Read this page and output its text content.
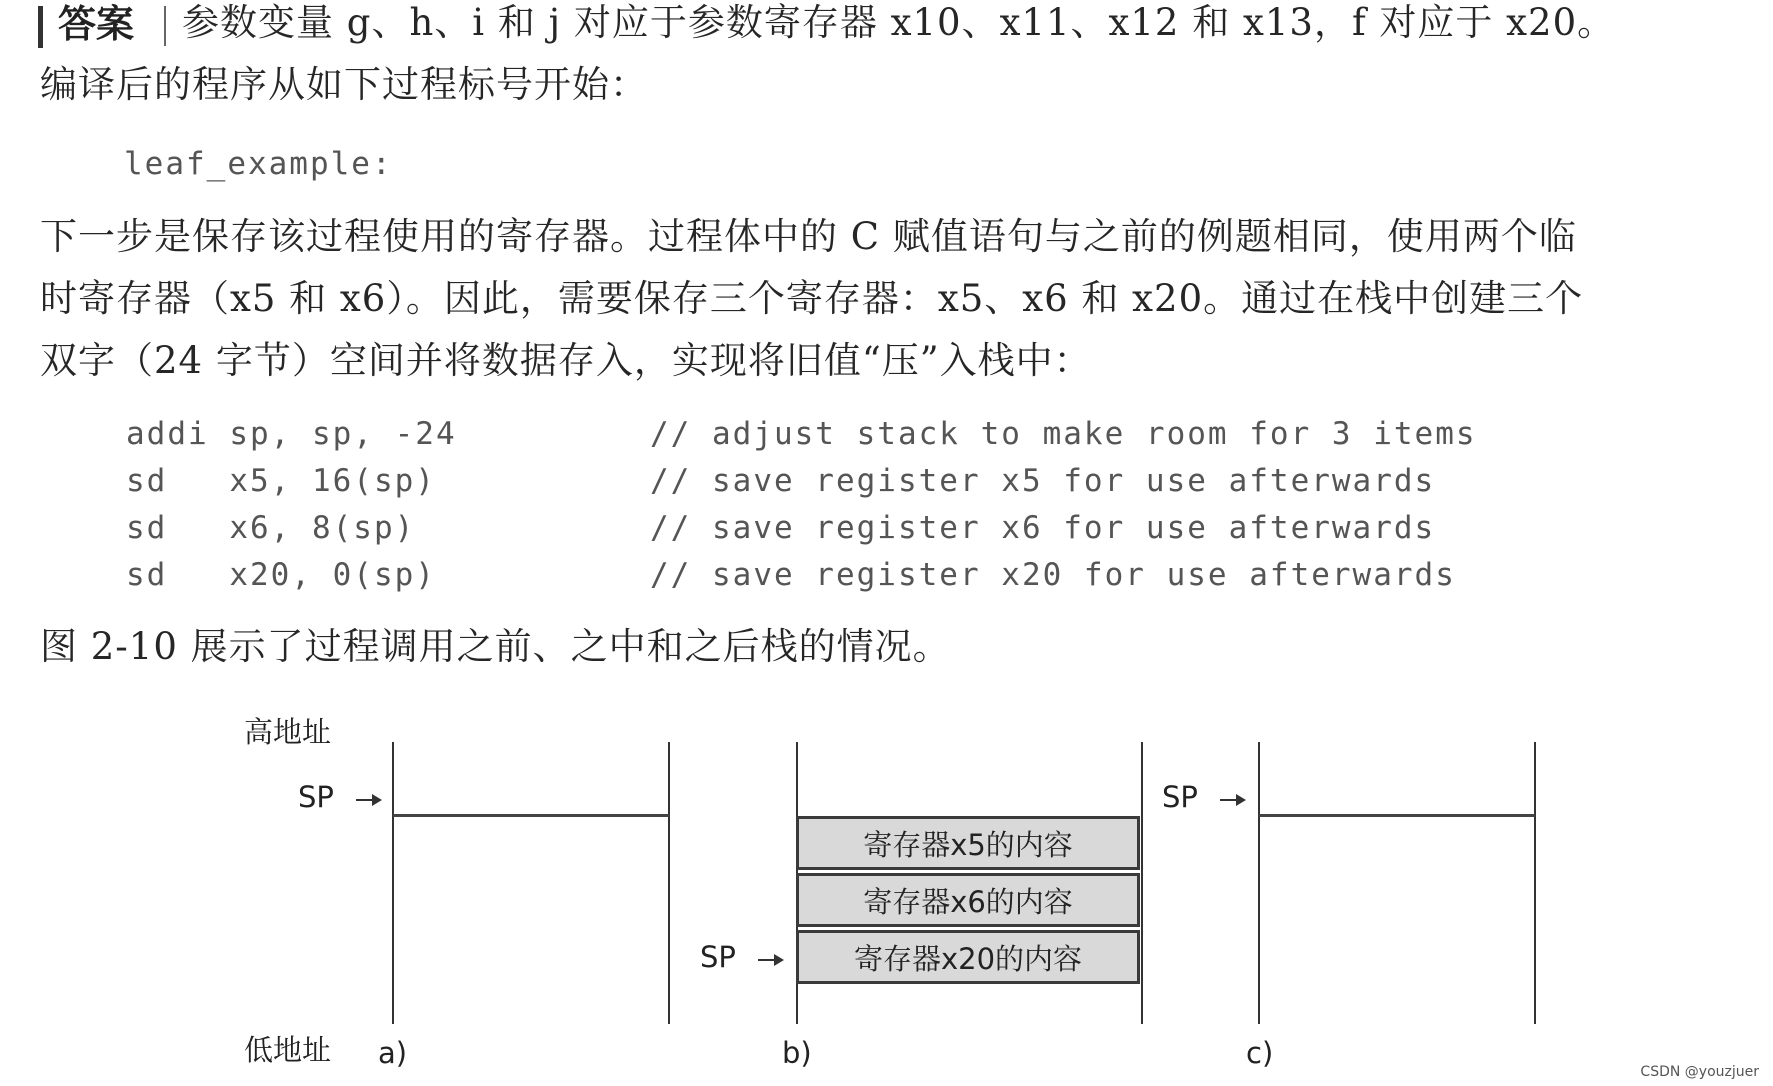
答案 参数变量 g、h、i 和 j 对应于参数寄存器 x10、x11、x12 和 x13，f 对应于 x20。
编译后的程序从如下过程标号开始：
leaf_example:
下一步是保存该过程使用的寄存器。过程体中的 C 赋值语句与之前的例题相同，使用两个临
时寄存器（x5 和 x6）。因此，需要保存三个寄存器：x5、x6 和 x20。通过在栈中创建三个
双字（24 字节）空间并将数据存入，实现将旧值“压”入栈中：
addi sp, sp, -24	// adjust stack to make room for 3 items
sd   x5, 16(sp)	// save register x5 for use afterwards
sd   x6, 8(sp)	// save register x6 for use afterwards
sd   x20, 0(sp)	// save register x20 for use afterwards
图 2-10 展示了过程调用之前、之中和之后栈的情况。
高地址
低地址
SP
a)
寄存器x5的内容
寄存器x6的内容
寄存器x20的内容
SP
b)
SP
c)
CSDN @youzjuer
